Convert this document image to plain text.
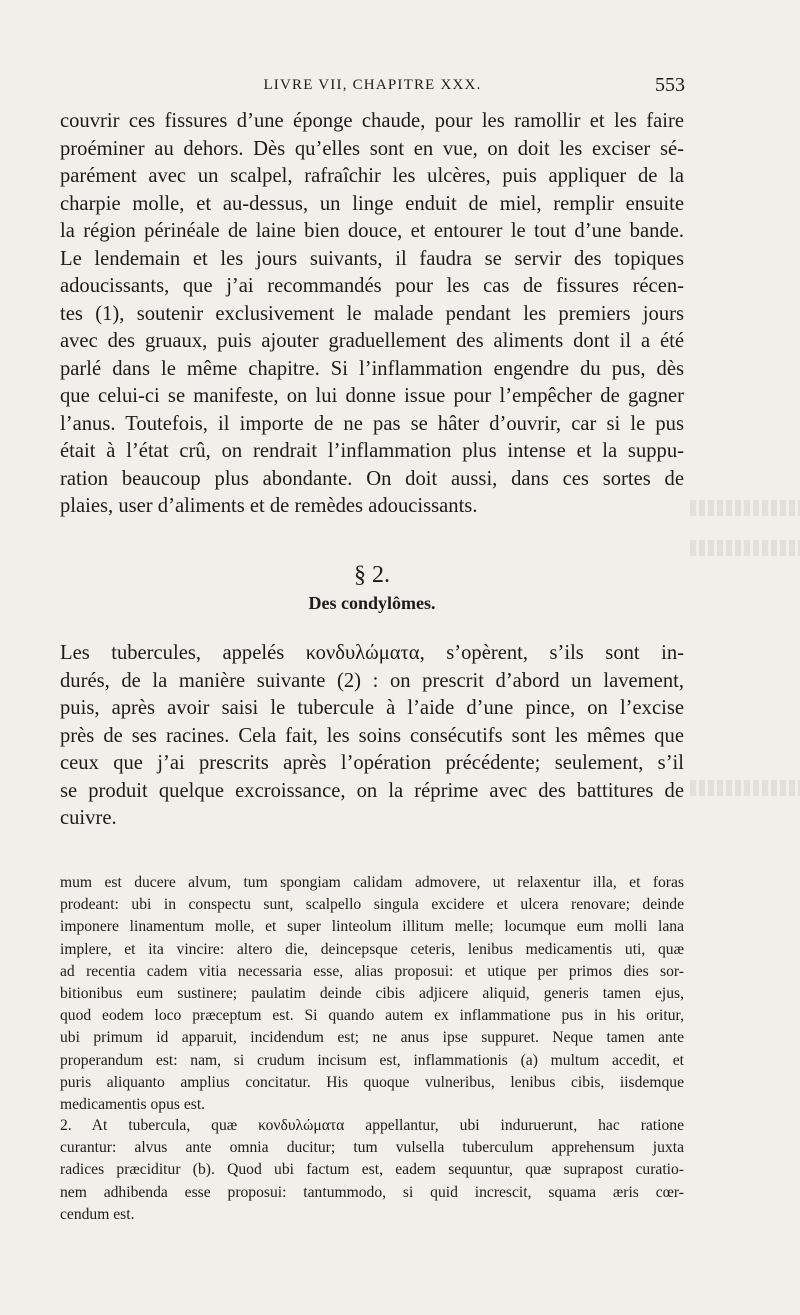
LIVRE VII, CHAPITRE XXX.	553

couvrir ces fissures d’une éponge chaude, pour les ramollir et les faire

proéminer au dehors. Dès qu’elles sont en vue, on doit les exciser sé-

parément avec un scalpel, rafraîchir les ulcères, puis appliquer de la

charpie molle, et au-dessus, un linge enduit de miel, remplir ensuite

la région périnéale de laine bien douce, et entourer le tout d’une bande.

Le lendemain et les jours suivants, il faudra se servir des topiques

adoucissants, que j’ai recommandés pour les cas de fissures récen-

tes (1), soutenir exclusivement le malade pendant les premiers jours

avec des gruaux, puis ajouter graduellement des aliments dont il a été

parlé dans le même chapitre. Si l’inflammation engendre du pus, dès

que celui-ci se manifeste, on lui donne issue pour l’empêcher de gagner

l’anus. Toutefois, il importe de ne pas se hâter d’ouvrir, car si le pus

était à l’état crû, on rendrait l’inflammation plus intense et la suppu-

ration beaucoup plus abondante. On doit aussi, dans ces sortes de

plaies, user d’aliments et de remèdes adoucissants.

§ 2.
Des condylômes.

Les tubercules, appelés κονδυλώματα, s’opèrent, s’ils sont in-

durés, de la manière suivante (2) : on prescrit d’abord un lavement,

puis, après avoir saisi le tubercule à l’aide d’une pince, on l’excise

près de ses racines. Cela fait, les soins consécutifs sont les mêmes que

ceux que j’ai prescrits après l’opération précédente; seulement, s’il

se produit quelque excroissance, on la réprime avec des battitures de

cuivre.

mum est ducere alvum, tum spongiam calidam admovere, ut relaxentur illa, et foras

prodeant: ubi in conspectu sunt, scalpello singula excidere et ulcera renovare; deinde

imponere linamentum molle, et super linteolum illitum melle; locumque eum molli lana

implere, et ita vincire: altero die, deincepsque ceteris, lenibus medicamentis uti, quæ

ad recentia cadem vitia necessaria esse, alias proposui: et utique per primos dies sor-

bitionibus eum sustinere; paulatim deinde cibis adjicere aliquid, generis tamen ejus,

quod eodem loco præceptum est. Si quando autem ex inflammatione pus in his oritur,

ubi primum id apparuit, incidendum est; ne anus ipse suppuret. Neque tamen ante

properandum est: nam, si crudum incisum est, inflammationis (a) multum accedit, et

puris aliquanto amplius concitatur. His quoque vulneribus, lenibus cibis, iisdemque

medicamentis opus est.

2. At tubercula, quæ κονδυλώματα appellantur, ubi induruerunt, hac ratione

curantur: alvus ante omnia ducitur; tum vulsella tuberculum apprehensum juxta

radices præciditur (b). Quod ubi factum est, eadem sequuntur, quæ suprapost curatio-

nem adhibenda esse proposui: tantummodo, si quid increscit, squama æris cœr-

cendum est.
